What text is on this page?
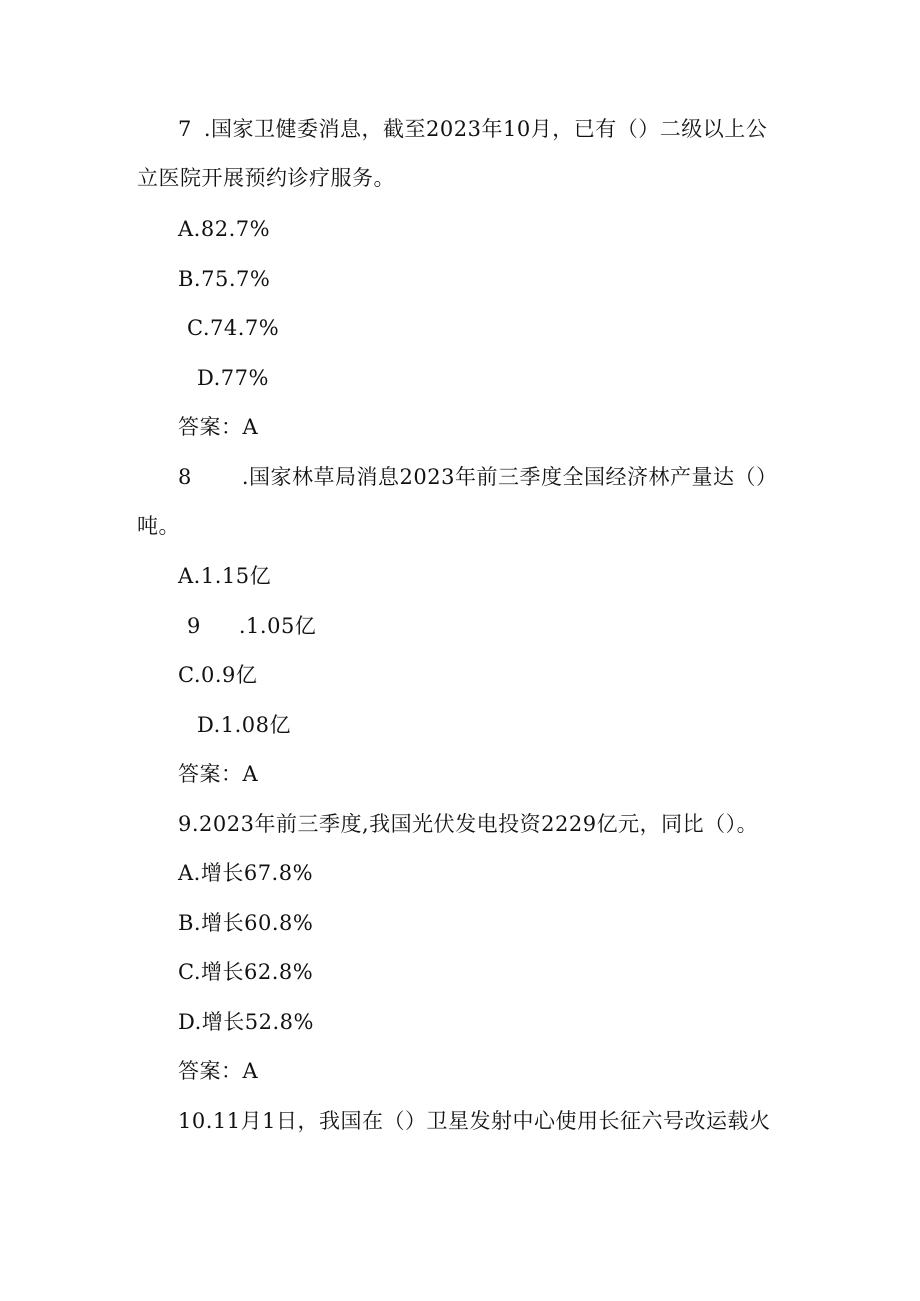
7 .国家卫健委消息，截至2023年10月，已有（）二级以上公
立医院开展预约诊疗服务。
A.82.7%
B.75.7%
C.74.7%
D.77%
答案：A
8 .国家林草局消息2023年前三季度全国经济林产量达（）
吨。
A.1.15亿
9 .1.05亿
C.0.9亿
D.1.08亿
答案：A
9.2023年前三季度,我国光伏发电投资2229亿元，同比（）。
A.增长67.8%
B.增长60.8%
C.增长62.8%
D.增长52.8%
答案：A
10.11月1日，我国在（）卫星发射中心使用长征六号改运载火
